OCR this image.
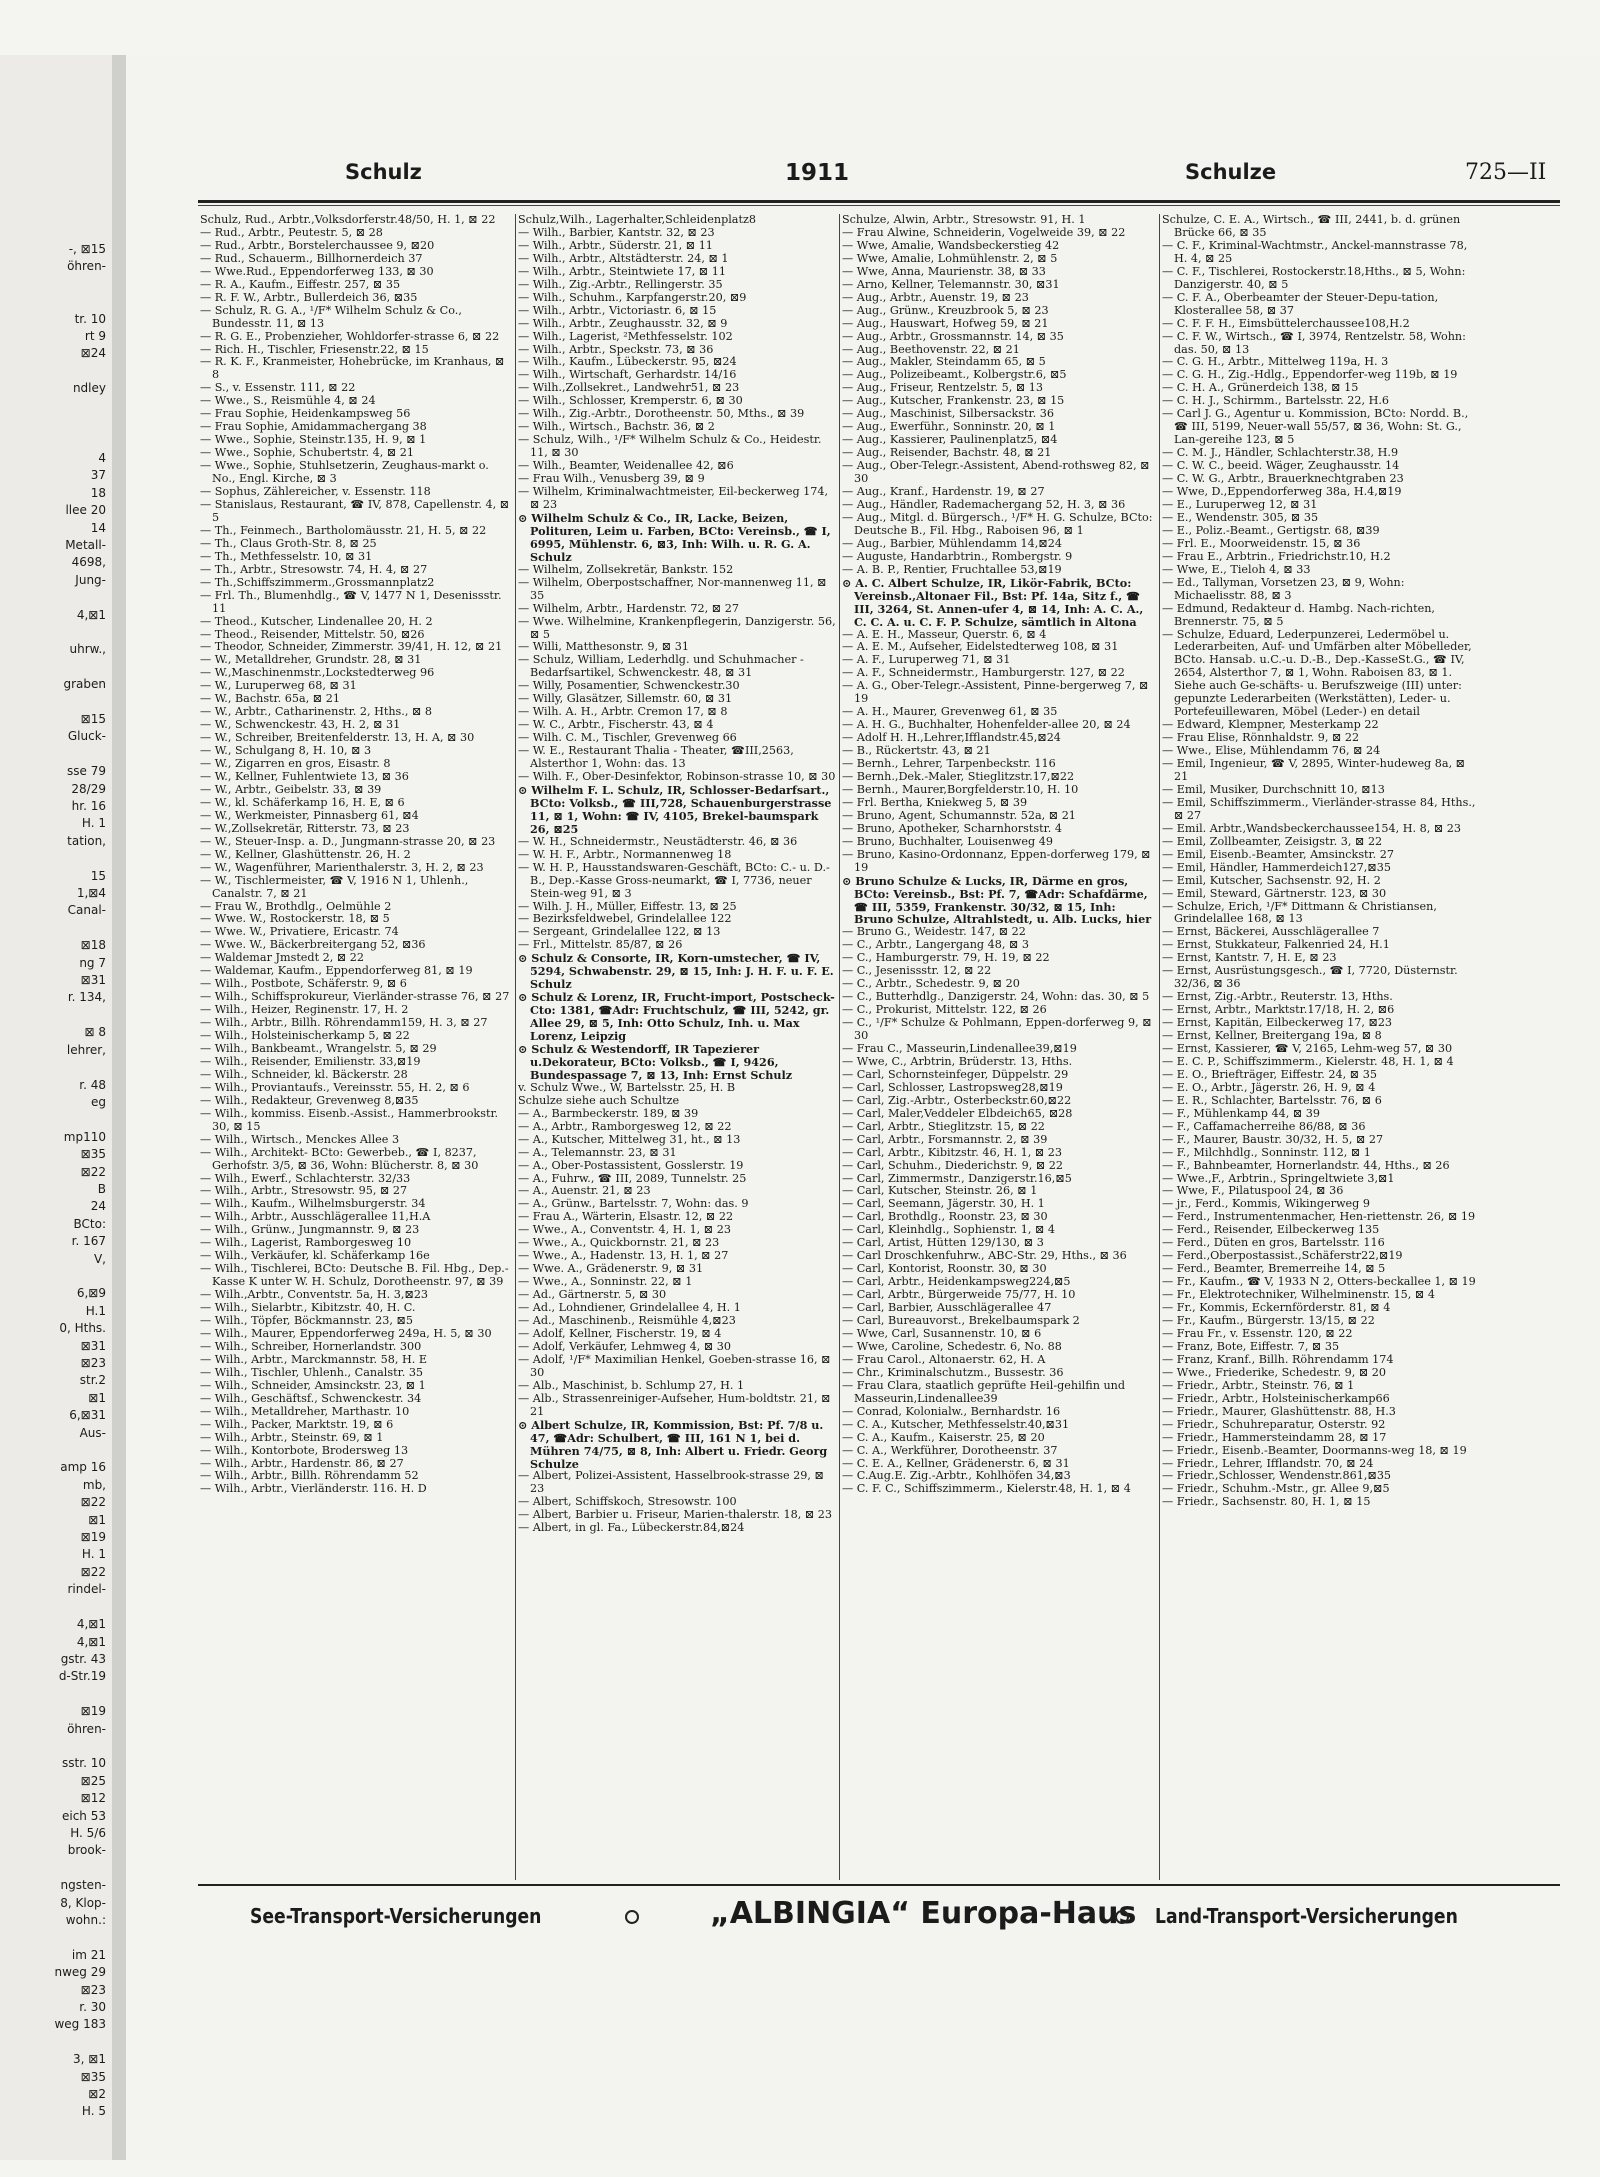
-, ⊠15
öhren-

tr. 10
rt 9
⊠24

ndley

4
37
18
llee 20
14
Metall-
4698,
Jung-

4,⊠1

uhrw.,

graben

⊠15
Gluck-

sse 79
28/29
hr. 16
H. 1
tation,

15
1,⊠4
Canal-

⊠18
ng 7
⊠31
r. 134,

⊠ 8
lehrer,

r. 48
eg

mp110
⊠35
⊠22
B
24
BCto:
r. 167
V,

6,⊠9
H.1
0, Hths.
⊠31
⊠23
str.2
⊠1
6,⊠31
Aus-

amp 16
mb,
⊠22
⊠1
⊠19
H. 1
⊠22
rindel-

4,⊠1
4,⊠1
gstr. 43
d-Str.19

⊠19
öhren-

sstr. 10
⊠25
⊠12
eich 53
H. 5/6
brook-

ngsten-
8, Klop-
wohn.:

im 21
nweg 29
⊠23
r. 30
weg 183

3, ⊠1
⊠35
⊠2
H. 5
Schulz	1911	Schulze	725—II
Schulz, Rud., Arbtr.,Volksdorferstr.48/50, H. 1, ⊠ 22
— Rud., Arbtr., Peutestr. 5, ⊠ 28
— Rud., Arbtr., Borstelerchaussee 9, ⊠20
— Rud., Schauerm., Billhornerdeich 37
— Wwe.Rud., Eppendorferweg 133, ⊠ 30
— R. A., Kaufm., Eiffestr. 257, ⊠ 35
— R. F. W., Arbtr., Bullerdeich 36, ⊠35
— Schulz, R. G. A., ¹/F* Wilhelm Schulz & Co., Bundesstr. 11, ⊠ 13
— R. G. E., Probenzieher, Wohldorfer-strasse 6, ⊠ 22
— Rich. H., Tischler, Friesenstr.22, ⊠ 15
— R. K. F., Kranmeister, Hohebrücke, im Kranhaus, ⊠ 8
— S., v. Essenstr. 111, ⊠ 22
— Wwe., S., Reismühle 4, ⊠ 24
— Frau Sophie, Heidenkampsweg 56
— Frau Sophie, Amidammachergang 38
— Wwe., Sophie, Steinstr.135, H. 9, ⊠ 1
— Wwe., Sophie, Schubertstr. 4, ⊠ 21
— Wwe., Sophie, Stuhlsetzerin, Zeughaus-markt o. No., Engl. Kirche, ⊠ 3
— Sophus, Zählereicher, v. Essenstr. 118
— Stanislaus, Restaurant, ☎ IV, 878, Capellenstr. 4, ⊠ 5
— Th., Feinmech., Bartholomäusstr. 21, H. 5, ⊠ 22
— Th., Claus Groth-Str. 8, ⊠ 25
— Th., Methfesselstr. 10, ⊠ 31
— Th., Arbtr., Stresowstr. 74, H. 4, ⊠ 27
— Th.,Schiffszimmerm.,Grossmannplatz2
— Frl. Th., Blumenhdlg., ☎ V, 1477 N 1, Desenissstr. 11
— Theod., Kutscher, Lindenallee 20, H. 2
— Theod., Reisender, Mittelstr. 50, ⊠26
— Theodor, Schneider, Zimmerstr. 39/41, H. 12, ⊠ 21
— W., Metalldreher, Grundstr. 28, ⊠ 31
— W.,Maschinenmstr.,Lockstedterweg 96
— W., Luruperweg 68, ⊠ 31
— W., Bachstr. 65a, ⊠ 21
— W., Arbtr., Catharinenstr. 2, Hths., ⊠ 8
— W., Schwenckestr. 43, H. 2, ⊠ 31
— W., Schreiber, Breitenfelderstr. 13, H. A, ⊠ 30
— W., Schulgang 8, H. 10, ⊠ 3
— W., Zigarren en gros, Eisastr. 8
— W., Kellner, Fuhlentwiete 13, ⊠ 36
— W., Arbtr., Geibelstr. 33, ⊠ 39
— W., kl. Schäferkamp 16, H. E, ⊠ 6
— W., Werkmeister, Pinnasberg 61, ⊠4
— W.,Zollsekretär, Ritterstr. 73, ⊠ 23
— W., Steuer-Insp. a. D., Jungmann-strasse 20, ⊠ 23
— W., Kellner, Glashüttenstr. 26, H. 2
— W., Wagenführer, Marienthalerstr. 3, H. 2, ⊠ 23
— W., Tischlermeister, ☎ V, 1916 N 1, Uhlenh., Canalstr. 7, ⊠ 21
— Frau W., Brothdlg., Oelmühle 2
— Wwe. W., Rostockerstr. 18, ⊠ 5
— Wwe. W., Privatiere, Ericastr. 74
— Wwe. W., Bäckerbreitergang 52, ⊠36
— Waldemar Jmstedt 2, ⊠ 22
— Waldemar, Kaufm., Eppendorferweg 81, ⊠ 19
— Wilh., Postbote, Schäferstr. 9, ⊠ 6
— Wilh., Schiffsprokureur, Vierländer-strasse 76, ⊠ 27
— Wilh., Heizer, Reginenstr. 17, H. 2
— Wilh., Arbtr., Billh. Röhrendamm159, H. 3, ⊠ 27
— Wilh., Holsteinischerkamp 5, ⊠ 22
— Wilh., Bankbeamt., Wrangelstr. 5, ⊠ 29
— Wilh., Reisender, Emilienstr. 33,⊠19
— Wilh., Schneider, kl. Bäckerstr. 28
— Wilh., Proviantaufs., Vereinsstr. 55, H. 2, ⊠ 6
— Wilh., Redakteur, Grevenweg 8,⊠35
— Wilh., kommiss. Eisenb.-Assist., Hammerbrookstr. 30, ⊠ 15
— Wilh., Wirtsch., Menckes Allee 3
— Wilh., Architekt- BCto: Gewerbeb., ☎ I, 8237, Gerhofstr. 3/5, ⊠ 36, Wohn: Blücherstr. 8, ⊠ 30
— Wilh., Ewerf., Schlachterstr. 32/33
— Wilh., Arbtr., Stresowstr. 95, ⊠ 27
— Wilh., Kaufm., Wilhelmsburgerstr. 34
— Wilh., Arbtr., Ausschlägerallee 11,H.A
— Wilh., Grünw., Jungmannstr. 9, ⊠ 23
— Wilh., Lagerist, Ramborgesweg 10
— Wilh., Verkäufer, kl. Schäferkamp 16e
— Wilh., Tischlerei, BCto: Deutsche B. Fil. Hbg., Dep.-Kasse K unter W. H. Schulz, Dorotheenstr. 97, ⊠ 39
— Wilh.,Arbtr., Conventstr. 5a, H. 3,⊠23
— Wilh., Sielarbtr., Kibitzstr. 40, H. C.
— Wilh., Töpfer, Böckmannstr. 23, ⊠5
— Wilh., Maurer, Eppendorferweg 249a, H. 5, ⊠ 30
— Wilh., Schreiber, Hornerlandstr. 300
— Wilh., Arbtr., Marckmannstr. 58, H. E
— Wilh., Tischler, Uhlenh., Canalstr. 35
— Wilh., Schneider, Amsinckstr. 23, ⊠ 1
— Wilh., Geschäftsf., Schwenckestr. 34
— Wilh., Metalldreher, Marthastr. 10
— Wilh., Packer, Marktstr. 19, ⊠ 6
— Wilh., Arbtr., Steinstr. 69, ⊠ 1
— Wilh., Kontorbote, Brodersweg 13
— Wilh., Arbtr., Hardenstr. 86, ⊠ 27
— Wilh., Arbtr., Billh. Röhrendamm 52
— Wilh., Arbtr., Vierländerstr. 116. H. D
Schulz,Wilh., Lagerhalter,Schleidenplatz8
— Wilh., Barbier, Kantstr. 32, ⊠ 23
— Wilh., Arbtr., Süderstr. 21, ⊠ 11
— Wilh., Arbtr., Altstädterstr. 24, ⊠ 1
— Wilh., Arbtr., Steintwiete 17, ⊠ 11
— Wilh., Zig.-Arbtr., Rellingerstr. 35
— Wilh., Schuhm., Karpfangerstr.20, ⊠9
— Wilh., Arbtr., Victoriastr. 6, ⊠ 15
— Wilh., Arbtr., Zeughausstr. 32, ⊠ 9
— Wilh., Lagerist, ²Methfesselstr. 102
— Wilh., Arbtr., Speckstr. 73, ⊠ 36
— Wilh., Kaufm., Lübeckerstr. 95, ⊠24
— Wilh., Wirtschaft, Gerhardstr. 14/16
— Wilh.,Zollsekret., Landwehr51, ⊠ 23
— Wilh., Schlosser, Kremperstr. 6, ⊠ 30
— Wilh., Zig.-Arbtr., Dorotheenstr. 50, Mths., ⊠ 39
— Wilh., Wirtsch., Bachstr. 36, ⊠ 2
— Schulz, Wilh., ¹/F* Wilhelm Schulz & Co., Heidestr. 11, ⊠ 30
— Wilh., Beamter, Weidenallee 42, ⊠6
— Frau Wilh., Venusberg 39, ⊠ 9
— Wilhelm, Kriminalwachtmeister, Eil-beckerweg 174, ⊠ 23
⊙ Wilhelm Schulz & Co., IR, Lacke, Beizen, Polituren, Leim u. Farben, BCto: Vereinsb., ☎ I, 6995, Mühlenstr. 6, ⊠3, Inh: Wilh. u. R. G. A. Schulz
— Wilhelm, Zollsekretär, Bankstr. 152
— Wilhelm, Oberpostschaffner, Nor-mannenweg 11, ⊠ 35
— Wilhelm, Arbtr., Hardenstr. 72, ⊠ 27
— Wwe. Wilhelmine, Krankenpflegerin, Danzigerstr. 56, ⊠ 5
— Willi, Matthesonstr. 9, ⊠ 31
— Schulz, William, Lederhdlg. und Schuhmacher - Bedarfsartikel, Schwenckestr. 48, ⊠ 31
— Willy, Posamentier, Schwenckestr.30
— Willy, Glasätzer, Sillemstr. 60, ⊠ 31
— Wilh. A. H., Arbtr. Cremon 17, ⊠ 8
— W. C., Arbtr., Fischerstr. 43, ⊠ 4
— Wilh. C. M., Tischler, Grevenweg 66
— W. E., Restaurant Thalia - Theater, ☎III,2563, Alsterthor 1, Wohn: das. 13
— Wilh. F., Ober-Desinfektor, Robinson-strasse 10, ⊠ 30
⊙ Wilhelm F. L. Schulz, IR, Schlosser-Bedarfsart., BCto: Volksb., ☎ III,728, Schauenburgerstrasse 11, ⊠ 1, Wohn: ☎ IV, 4105, Brekel-baumspark 26, ⊠25
— W. H., Schneidermstr., Neustädterstr. 46, ⊠ 36
— W. H. F., Arbtr., Normannenweg 18
— W. H. P., Hausstandswaren-Geschäft, BCto: C.- u. D.-B., Dep.-Kasse Gross-neumarkt, ☎ I, 7736, neuer Stein-weg 91, ⊠ 3
— Wilh. J. H., Müller, Eiffestr. 13, ⊠ 25
— Bezirksfeldwebel, Grindelallee 122
— Sergeant, Grindelallee 122, ⊠ 13
— Frl., Mittelstr. 85/87, ⊠ 26
⊙ Schulz & Consorte, IR, Korn-umstecher, ☎ IV, 5294, Schwabenstr. 29, ⊠ 15, Inh: J. H. F. u. F. E. Schulz
⊙ Schulz & Lorenz, IR, Frucht-import, Postscheck-Cto: 1381, ☎Adr: Fruchtschulz, ☎ III, 5242, gr. Allee 29, ⊠ 5, Inh: Otto Schulz, Inh. u. Max Lorenz, Leipzig
⊙ Schulz & Westendorff, IR Tapezierer u.Dekorateur, BCto: Volksb., ☎ I, 9426, Bundespassage 7, ⊠ 13, Inh: Ernst Schulz
v. Schulz Wwe., W, Bartelsstr. 25, H. B
Schulze siehe auch Schultze
— A., Barmbeckerstr. 189, ⊠ 39
— A., Arbtr., Ramborgesweg 12, ⊠ 22
— A., Kutscher, Mittelweg 31, ht., ⊠ 13
— A., Telemannstr. 23, ⊠ 31
— A., Ober-Postassistent, Gosslerstr. 19
— A., Fuhrw., ☎ III, 2089, Tunnelstr. 25
— A., Auenstr. 21, ⊠ 23
— A., Grünw., Bartelsstr. 7, Wohn: das. 9
— Frau A., Wärterin, Elsastr. 12, ⊠ 22
— Wwe., A., Conventstr. 4, H. 1, ⊠ 23
— Wwe., A., Quickbornstr. 21, ⊠ 23
— Wwe., A., Hadenstr. 13, H. 1, ⊠ 27
— Wwe. A., Grädenerstr. 9, ⊠ 31
— Wwe., A., Sonninstr. 22, ⊠ 1
— Ad., Gärtnerstr. 5, ⊠ 30
— Ad., Lohndiener, Grindelallee 4, H. 1
— Ad., Maschinenb., Reismühle 4,⊠23
— Adolf, Kellner, Fischerstr. 19, ⊠ 4
— Adolf, Verkäufer, Lehmweg 4, ⊠ 30
— Adolf, ¹/F* Maximilian Henkel, Goeben-strasse 16, ⊠ 30
— Alb., Maschinist, b. Schlump 27, H. 1
— Alb., Strassenreiniger-Aufseher, Hum-boldtstr. 21, ⊠ 21
⊙ Albert Schulze, IR, Kommission, Bst: Pf. 7/8 u. 47, ☎Adr: Schulbert, ☎ III, 161 N 1, bei d. Mühren 74/75, ⊠ 8, Inh: Albert u. Friedr. Georg Schulze
— Albert, Polizei-Assistent, Hasselbrook-strasse 29, ⊠ 23
— Albert, Schiffskoch, Stresowstr. 100
— Albert, Barbier u. Friseur, Marien-thalerstr. 18, ⊠ 23
— Albert, in gl. Fa., Lübeckerstr.84,⊠24
Schulze, Alwin, Arbtr., Stresowstr. 91, H. 1
— Frau Alwine, Schneiderin, Vogelweide 39, ⊠ 22
— Wwe, Amalie, Wandsbeckerstieg 42
— Wwe, Amalie, Lohmühlenstr. 2, ⊠ 5
— Wwe, Anna, Maurienstr. 38, ⊠ 33
— Arno, Kellner, Telemannstr. 30, ⊠31
— Aug., Arbtr., Auenstr. 19, ⊠ 23
— Aug., Grünw., Kreuzbrook 5, ⊠ 23
— Aug., Hauswart, Hofweg 59, ⊠ 21
— Aug., Arbtr., Grossmannstr. 14, ⊠ 35
— Aug., Beethovenstr. 22, ⊠ 21
— Aug., Makler, Steindamm 65, ⊠ 5
— Aug., Polizeibeamt., Kolbergstr.6, ⊠5
— Aug., Friseur, Rentzelstr. 5, ⊠ 13
— Aug., Kutscher, Frankenstr. 23, ⊠ 15
— Aug., Maschinist, Silbersackstr. 36
— Aug., Ewerführ., Sonninstr. 20, ⊠ 1
— Aug., Kassierer, Paulinenplatz5, ⊠4
— Aug., Reisender, Bachstr. 48, ⊠ 21
— Aug., Ober-Telegr.-Assistent, Abend-rothsweg 82, ⊠ 30
— Aug., Kranf., Hardenstr. 19, ⊠ 27
— Aug., Händler, Rademachergang 52, H. 3, ⊠ 36
— Aug., Mitgl. d. Bürgersch., ¹/F* H. G. Schulze, BCto: Deutsche B., Fil. Hbg., Raboisen 96, ⊠ 1
— Aug., Barbier, Mühlendamm 14,⊠24
— Auguste, Handarbtrin., Rombergstr. 9
— A. B. P., Rentier, Fruchtallee 53,⊠19
⊙ A. C. Albert Schulze, IR, Likör-Fabrik, BCto: Vereinsb.,Altonaer Fil., Bst: Pf. 14a, Sitz f., ☎ III, 3264, St. Annen-ufer 4, ⊠ 14, Inh: A. C. A., C. C. A. u. C. F. P. Schulze, sämtlich in Altona
— A. E. H., Masseur, Querstr. 6, ⊠ 4
— A. E. M., Aufseher, Eidelstedterweg 108, ⊠ 31
— A. F., Luruperweg 71, ⊠ 31
— A. F., Schneidermstr., Hamburgerstr. 127, ⊠ 22
— A. G., Ober-Telegr.-Assistent, Pinne-bergerweg 7, ⊠ 19
— A. H., Maurer, Grevenweg 61, ⊠ 35
— A. H. G., Buchhalter, Hohenfelder-allee 20, ⊠ 24
— Adolf H. H.,Lehrer,Ifflandstr.45,⊠24
— B., Rückertstr. 43, ⊠ 21
— Bernh., Lehrer, Tarpenbeckstr. 116
— Bernh.,Dek.-Maler, Stieglitzstr.17,⊠22
— Bernh., Maurer,Borgfelderstr.10, H. 10
— Frl. Bertha, Kniekweg 5, ⊠ 39
— Bruno, Agent, Schumannstr. 52a, ⊠ 21
— Bruno, Apotheker, Scharnhorststr. 4
— Bruno, Buchhalter, Louisenweg 49
— Bruno, Kasino-Ordonnanz, Eppen-dorferweg 179, ⊠ 19
⊙ Bruno Schulze & Lucks, IR, Därme en gros, BCto: Vereinsb., Bst: Pf. 7, ☎Adr: Schafdärme, ☎ III, 5359, Frankenstr. 30/32, ⊠ 15, Inh: Bruno Schulze, Altrahlstedt, u. Alb. Lucks, hier
— Bruno G., Weidestr. 147, ⊠ 22
— C., Arbtr., Langergang 48, ⊠ 3
— C., Hamburgerstr. 79, H. 19, ⊠ 22
— C., Jesenissstr. 12, ⊠ 22
— C., Arbtr., Schedestr. 9, ⊠ 20
— C., Butterhdlg., Danzigerstr. 24, Wohn: das. 30, ⊠ 5
— C., Prokurist, Mittelstr. 122, ⊠ 26
— C., ¹/F* Schulze & Pohlmann, Eppen-dorferweg 9, ⊠ 30
— Frau C., Masseurin,Lindenallee39,⊠19
— Wwe, C., Arbtrin, Brüderstr. 13, Hths.
— Carl, Schornsteinfeger, Düppelstr. 29
— Carl, Schlosser, Lastropsweg28,⊠19
— Carl, Zig.-Arbtr., Osterbeckstr.60,⊠22
— Carl, Maler,Veddeler Elbdeich65, ⊠28
— Carl, Arbtr., Stieglitzstr. 15, ⊠ 22
— Carl, Arbtr., Forsmannstr. 2, ⊠ 39
— Carl, Arbtr., Kibitzstr. 46, H. 1, ⊠ 23
— Carl, Schuhm., Diederichstr. 9, ⊠ 22
— Carl, Zimmermstr., Danzigerstr.16,⊠5
— Carl, Kutscher, Steinstr. 26, ⊠ 1
— Carl, Seemann, Jägerstr. 30, H. 1
— Carl, Brothdlg., Roonstr. 23, ⊠ 30
— Carl, Kleinhdlg., Sophienstr. 1, ⊠ 4
— Carl, Artist, Hütten 129/130, ⊠ 3
— Carl Droschkenfuhrw., ABC-Str. 29, Hths., ⊠ 36
— Carl, Kontorist, Roonstr. 30, ⊠ 30
— Carl, Arbtr., Heidenkampsweg224,⊠5
— Carl, Arbtr., Bürgerweide 75/77, H. 10
— Carl, Barbier, Ausschlägerallee 47
— Carl, Bureauvorst., Brekelbaumspark 2
— Wwe, Carl, Susannenstr. 10, ⊠ 6
— Wwe, Caroline, Schedestr. 6, No. 88
— Frau Carol., Altonaerstr. 62, H. A
— Chr., Kriminalschutzm., Bussestr. 36
— Frau Clara, staatlich geprüfte Heil-gehilfin und Masseurin,Lindenallee39
— Conrad, Kolonialw., Bernhardstr. 16
— C. A., Kutscher, Methfesselstr.40,⊠31
— C. A., Kaufm., Kaiserstr. 25, ⊠ 20
— C. A., Werkführer, Dorotheenstr. 37
— C. E. A., Kellner, Grädenerstr. 6, ⊠ 31
— C.Aug.E. Zig.-Arbtr., Kohlhöfen 34,⊠3
— C. F. C., Schiffszimmerm., Kielerstr.48, H. 1, ⊠ 4
Schulze, C. E. A., Wirtsch., ☎ III, 2441, b. d. grünen Brücke 66, ⊠ 35
— C. F., Kriminal-Wachtmstr., Anckel-mannstrasse 78, H. 4, ⊠ 25
— C. F., Tischlerei, Rostockerstr.18,Hths., ⊠ 5, Wohn: Danzigerstr. 40, ⊠ 5
— C. F. A., Oberbeamter der Steuer-Depu-tation, Klosterallee 58, ⊠ 37
— C. F. F. H., Eimsbüttelerchaussee108,H.2
— C. F. W., Wirtsch., ☎ I, 3974, Rentzelstr. 58, Wohn: das. 50, ⊠ 13
— C. G. H., Arbtr., Mittelweg 119a, H. 3
— C. G. H., Zig.-Hdlg., Eppendorfer-weg 119b, ⊠ 19
— C. H. A., Grünerdeich 138, ⊠ 15
— C. H. J., Schirmm., Bartelsstr. 22, H.6
— Carl J. G., Agentur u. Kommission, BCto: Nordd. B., ☎ III, 5199, Neuer-wall 55/57, ⊠ 36, Wohn: St. G., Lan-gereihe 123, ⊠ 5
— C. M. J., Händler, Schlachterstr.38, H.9
— C. W. C., beeid. Wäger, Zeughausstr. 14
— C. W. G., Arbtr., Brauerknechtgraben 23
— Wwe, D.,Eppendorferweg 38a, H.4,⊠19
— E., Luruperweg 12, ⊠ 31
— E., Wendenstr. 305, ⊠ 35
— E., Poliz.-Beamt., Gertigstr. 68, ⊠39
— Frl. E., Moorweidenstr. 15, ⊠ 36
— Frau E., Arbtrin., Friedrichstr.10, H.2
— Wwe, E., Tieloh 4, ⊠ 33
— Ed., Tallyman, Vorsetzen 23, ⊠ 9, Wohn: Michaelisstr. 88, ⊠ 3
— Edmund, Redakteur d. Hambg. Nach-richten, Brennerstr. 75, ⊠ 5
— Schulze, Eduard, Lederpunzerei, Ledermöbel u. Lederarbeiten, Auf- und Umfärben alter Möbelleder, BCto. Hansab. u.C.-u. D.-B., Dep.-KasseSt.G., ☎ IV, 2654, Alsterthor 7, ⊠ 1, Wohn. Raboisen 83, ⊠ 1. Siehe auch Ge-schäfts- u. Berufszweige (III) unter: gepunzte Lederarbeiten (Werkstätten), Leder- u. Portefeuillewaren, Möbel (Leder-) en detail
— Edward, Klempner, Mesterkamp 22
— Frau Elise, Rönnhaldstr. 9, ⊠ 22
— Wwe., Elise, Mühlendamm 76, ⊠ 24
— Emil, Ingenieur, ☎ V, 2895, Winter-hudeweg 8a, ⊠ 21
— Emil, Musiker, Durchschnitt 10, ⊠13
— Emil, Schiffszimmerm., Vierländer-strasse 84, Hths., ⊠ 27
— Emil. Arbtr.,Wandsbeckerchaussee154, H. 8, ⊠ 23
— Emil, Zollbeamter, Zeisigstr. 3, ⊠ 22
— Emil, Eisenb.-Beamter, Amsinckstr. 27
— Emil, Händler, Hammerdeich127,⊠35
— Emil, Kutscher, Sachsenstr. 92, H. 2
— Emil, Steward, Gärtnerstr. 123, ⊠ 30
— Schulze, Erich, ¹/F* Dittmann & Christiansen, Grindelallee 168, ⊠ 13
— Ernst, Bäckerei, Ausschlägerallee 7
— Ernst, Stukkateur, Falkenried 24, H.1
— Ernst, Kantstr. 7, H. E, ⊠ 23
— Ernst, Ausrüstungsgesch., ☎ I, 7720, Düsternstr. 32/36, ⊠ 36
— Ernst, Zig.-Arbtr., Reuterstr. 13, Hths.
— Ernst, Arbtr., Marktstr.17/18, H. 2, ⊠6
— Ernst, Kapitän, Eilbeckerweg 17, ⊠23
— Ernst, Kellner, Breitergang 19a, ⊠ 8
— Ernst, Kassierer, ☎ V, 2165, Lehm-weg 57, ⊠ 30
— E. C. P., Schiffszimmerm., Kielerstr. 48, H. 1, ⊠ 4
— E. O., Briefträger, Eiffestr. 24, ⊠ 35
— E. O., Arbtr., Jägerstr. 26, H. 9, ⊠ 4
— E. R., Schlachter, Bartelsstr. 76, ⊠ 6
— F., Mühlenkamp 44, ⊠ 39
— F., Caffamacherreihe 86/88, ⊠ 36
— F., Maurer, Baustr. 30/32, H. 5, ⊠ 27
— F., Milchhdlg., Sonninstr. 112, ⊠ 1
— F., Bahnbeamter, Hornerlandstr. 44, Hths., ⊠ 26
— Wwe.,F., Arbtrin., Springeltwiete 3,⊠1
— Wwe, F., Pilatuspool 24, ⊠ 36
— jr., Ferd., Kommis, Wikingerweg 9
— Ferd., Instrumentenmacher, Hen-riettenstr. 26, ⊠ 19
— Ferd., Reisender, Eilbeckerweg 135
— Ferd., Düten en gros, Bartelsstr. 116
— Ferd.,Oberpostassist.,Schäferstr22,⊠19
— Ferd., Beamter, Bremerreihe 14, ⊠ 5
— Fr., Kaufm., ☎ V, 1933 N 2, Otters-beckallee 1, ⊠ 19
— Fr., Elektrotechniker, Wilhelminenstr. 15, ⊠ 4
— Fr., Kommis, Eckernförderstr. 81, ⊠ 4
— Fr., Kaufm., Bürgerstr. 13/15, ⊠ 22
— Frau Fr., v. Essenstr. 120, ⊠ 22
— Franz, Bote, Eiffestr. 7, ⊠ 35
— Franz, Kranf., Billh. Röhrendamm 174
— Wwe., Friederike, Schedestr. 9, ⊠ 20
— Friedr., Arbtr., Steinstr. 76, ⊠ 1
— Friedr., Arbtr., Holsteinischerkamp66
— Friedr., Maurer, Glashüttenstr. 88, H.3
— Friedr., Schuhreparatur, Osterstr. 92
— Friedr., Hammersteindamm 28, ⊠ 17
— Friedr., Eisenb.-Beamter, Doormanns-weg 18, ⊠ 19
— Friedr., Lehrer, Ifflandstr. 70, ⊠ 24
— Friedr.,Schlosser, Wendenstr.861,⊠35
— Friedr., Schuhm.-Mstr., gr. Allee 9,⊠5
— Friedr., Sachsenstr. 80, H. 1, ⊠ 15
See-Transport-Versicherungen	„ALBINGIA“ Europa-Haus Land-Transport-Versicherungen
